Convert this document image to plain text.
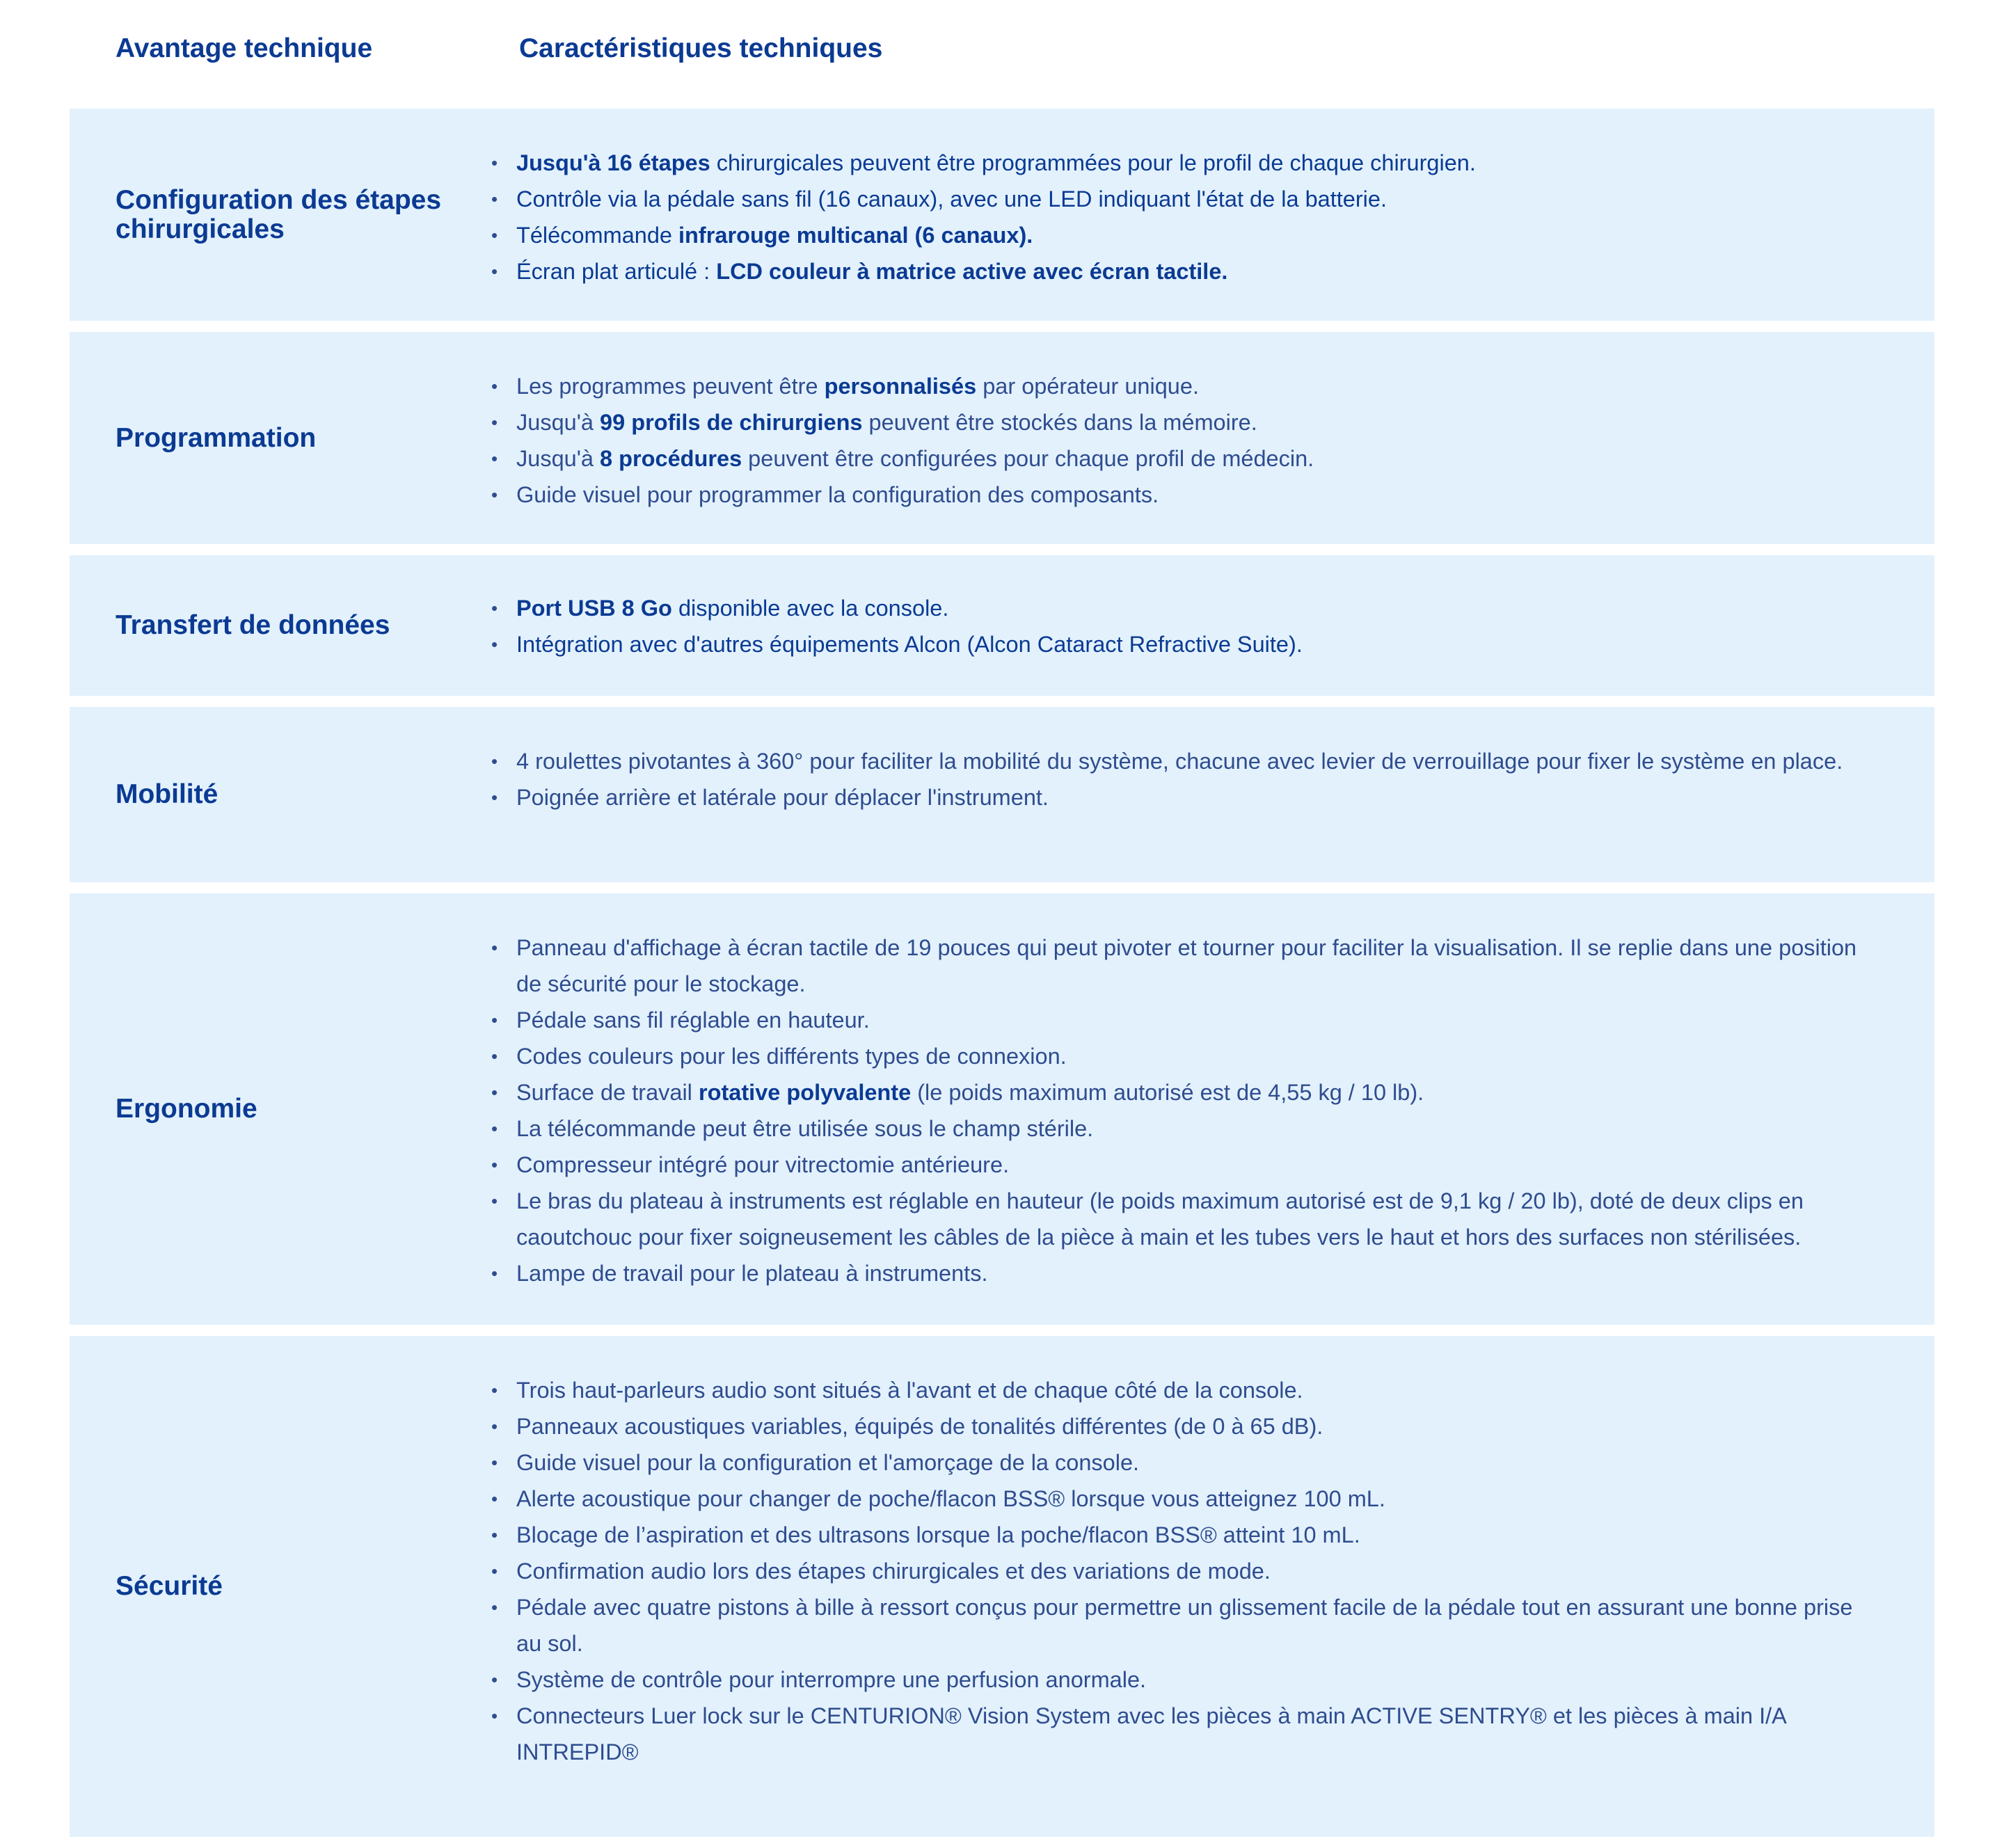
Avantage technique	Caractéristiques techniques
Configuration des étapes chirurgicales
• Jusqu'à 16 étapes chirurgicales peuvent être programmées pour le profil de chaque chirurgien.
• Contrôle via la pédale sans fil (16 canaux), avec une LED indiquant l'état de la batterie.
• Télécommande infrarouge multicanal (6 canaux).
• Écran plat articulé : LCD couleur à matrice active avec écran tactile.
Programmation
• Les programmes peuvent être personnalisés par opérateur unique.
• Jusqu'à 99 profils de chirurgiens peuvent être stockés dans la mémoire.
• Jusqu'à 8 procédures peuvent être configurées pour chaque profil de médecin.
• Guide visuel pour programmer la configuration des composants.
Transfert de données
• Port USB 8 Go disponible avec la console.
• Intégration avec d'autres équipements Alcon (Alcon Cataract Refractive Suite).
Mobilité
• 4 roulettes pivotantes à 360° pour faciliter la mobilité du système, chacune avec levier de verrouillage pour fixer le système en place.
• Poignée arrière et latérale pour déplacer l'instrument.
Ergonomie
• Panneau d'affichage à écran tactile de 19 pouces qui peut pivoter et tourner pour faciliter la visualisation. Il se replie dans une position de sécurité pour le stockage.
• Pédale sans fil réglable en hauteur.
• Codes couleurs pour les différents types de connexion.
• Surface de travail rotative polyvalente (le poids maximum autorisé est de 4,55 kg / 10 lb).
• La télécommande peut être utilisée sous le champ stérile.
• Compresseur intégré pour vitrectomie antérieure.
• Le bras du plateau à instruments est réglable en hauteur (le poids maximum autorisé est de 9,1 kg / 20 lb), doté de deux clips en caoutchouc pour fixer soigneusement les câbles de la pièce à main et les tubes vers le haut et hors des surfaces non stérilisées.
• Lampe de travail pour le plateau à instruments.
Sécurité
• Trois haut-parleurs audio sont situés à l'avant et de chaque côté de la console.
• Panneaux acoustiques variables, équipés de tonalités différentes (de 0 à 65 dB).
• Guide visuel pour la configuration et l'amorçage de la console.
• Alerte acoustique pour changer de poche/flacon BSS® lorsque vous atteignez 100 mL.
• Blocage de l’aspiration et des ultrasons lorsque la poche/flacon BSS® atteint 10 mL.
• Confirmation audio lors des étapes chirurgicales et des variations de mode.
• Pédale avec quatre pistons à bille à ressort conçus pour permettre un glissement facile de la pédale tout en assurant une bonne prise au sol.
• Système de contrôle pour interrompre une perfusion anormale.
• Connecteurs Luer lock sur le CENTURION® Vision System avec les pièces à main ACTIVE SENTRY® et les pièces à main I/A INTREPID®
